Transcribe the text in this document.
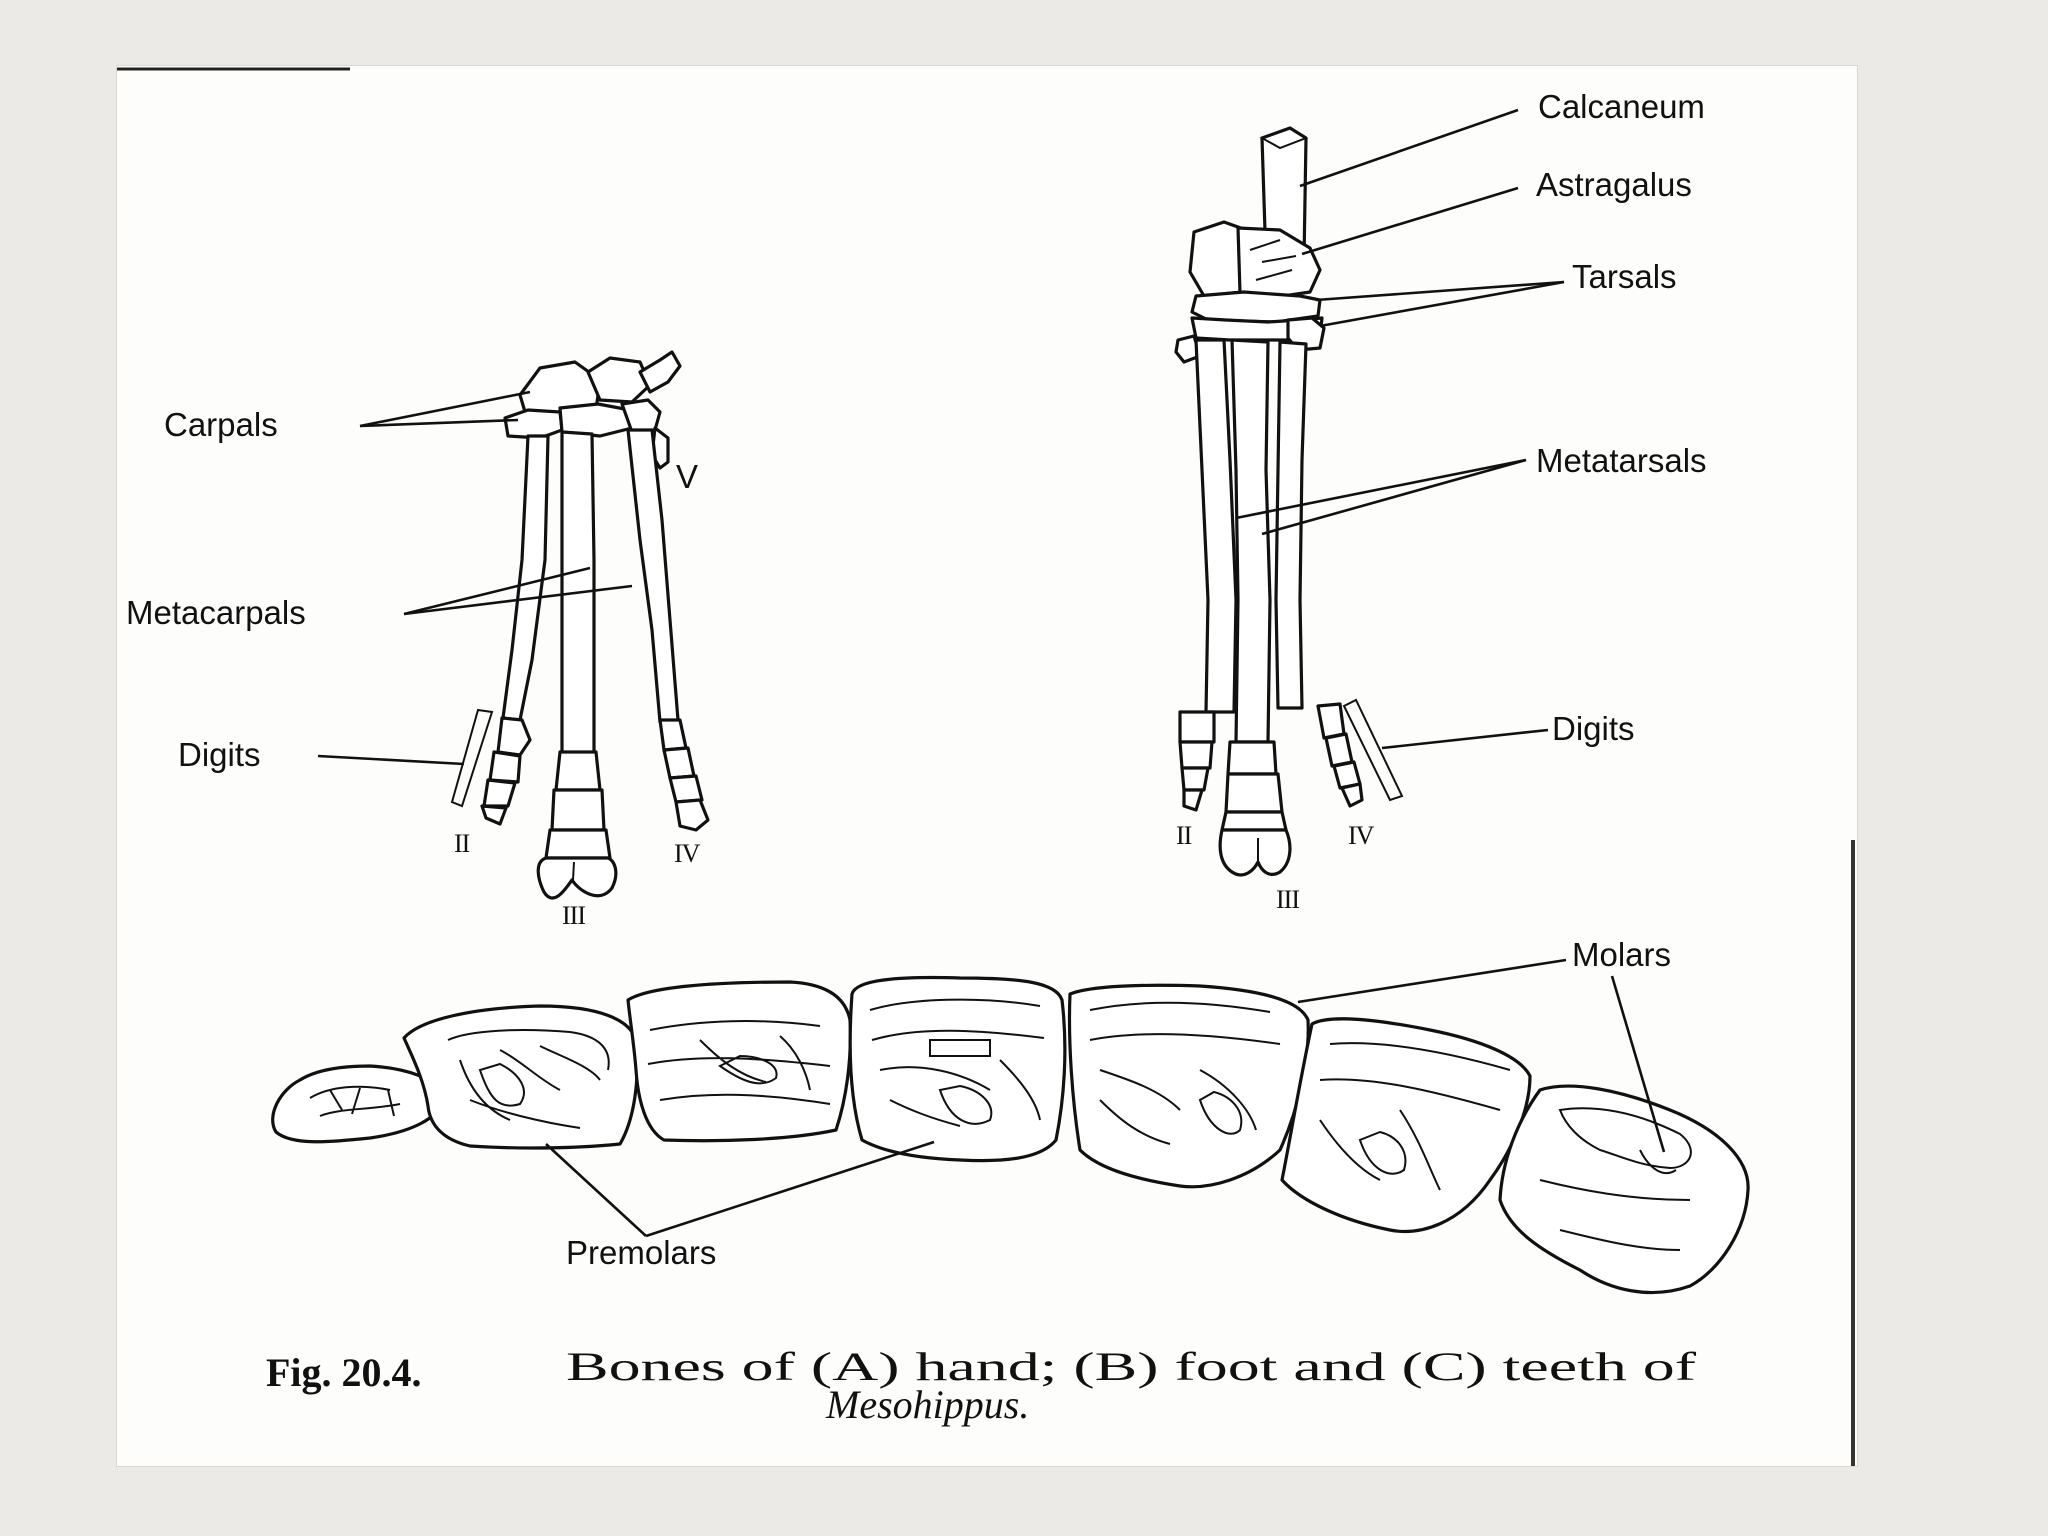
Calcaneum
Astragalus
Tarsals
Carpals
V	Metatarsals
Metacarpals
Digits
Digits
II
III
IV
II
III
IV
Molars
Premolars
Fig. 20.4.	Bones of (A) hand; (B) foot and (C) teeth of
Mesohippus.
